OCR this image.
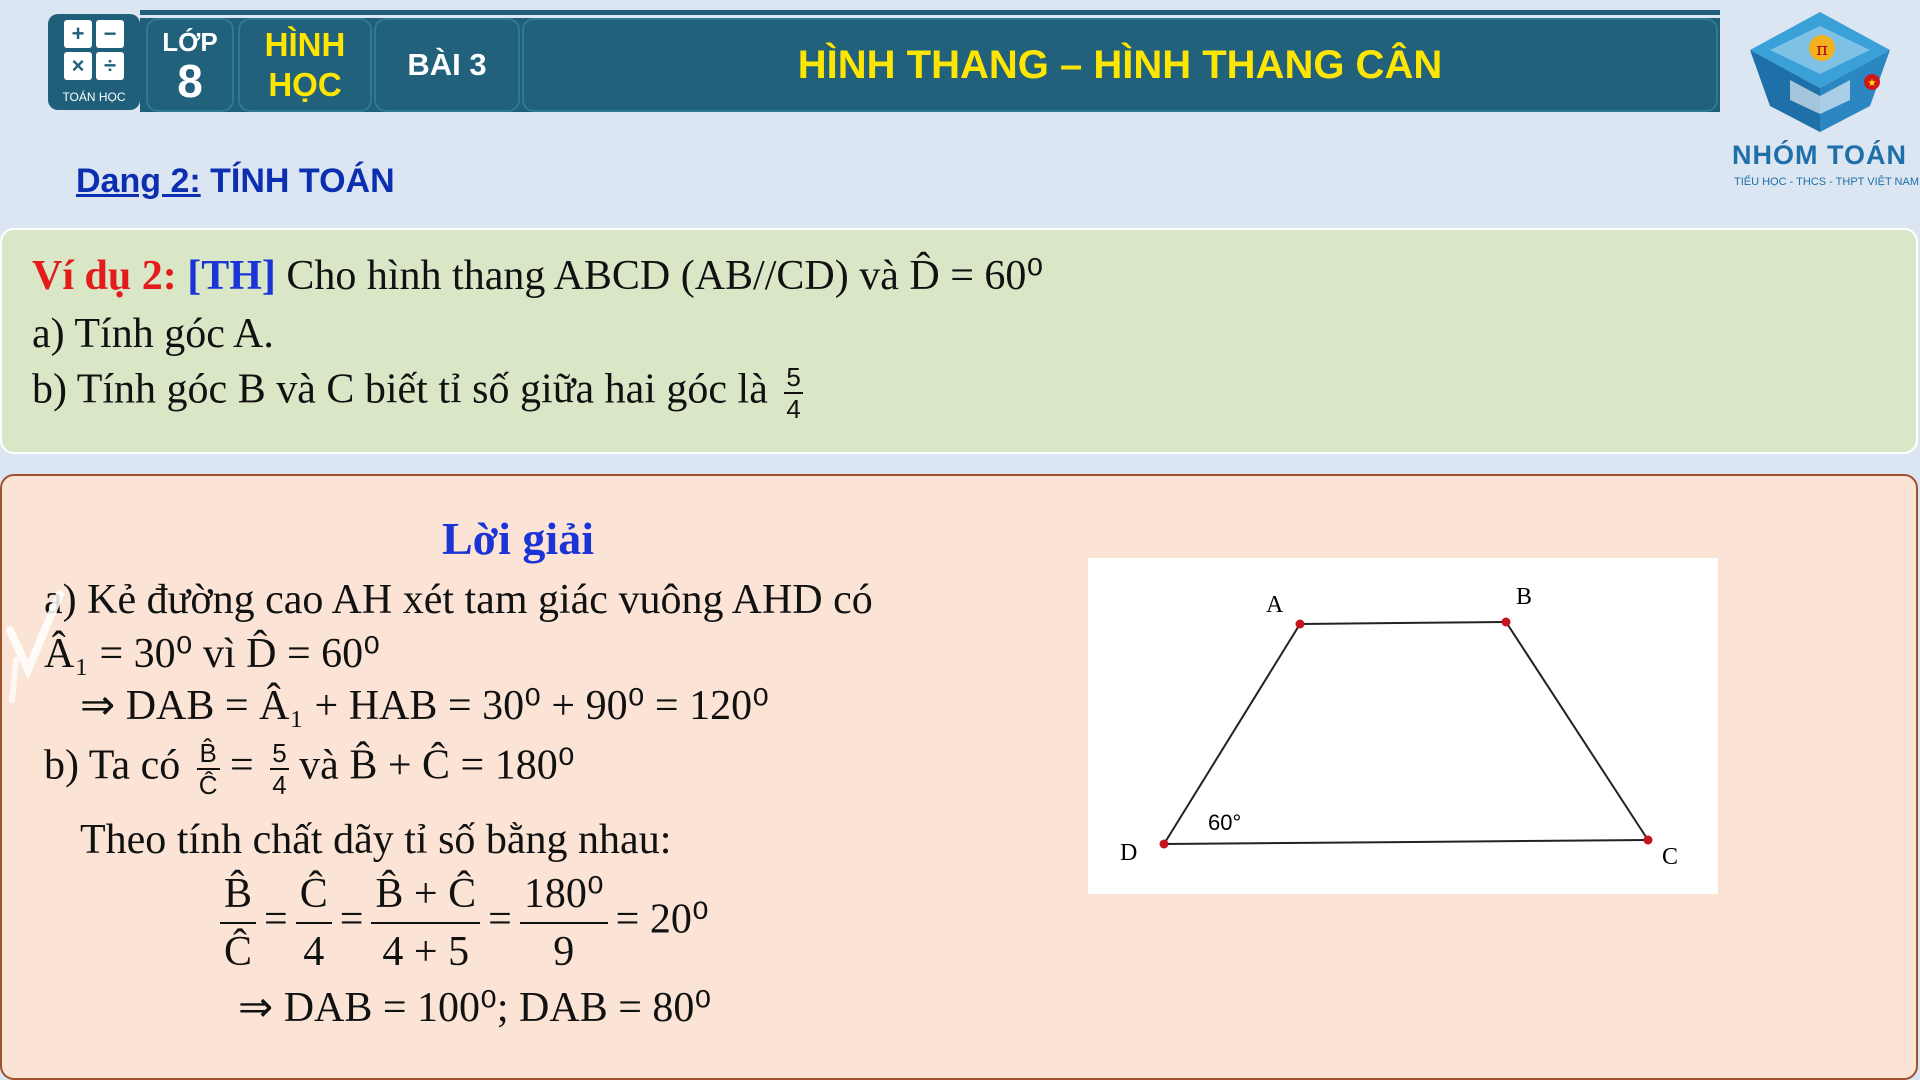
+ −
× ÷
TOÁN HỌC
LỚP
8
HÌNH
HỌC
BÀI 3	HÌNH THANG – HÌNH THANG CÂN	π
★
NHÓM TOÁN
TIỂU HỌC - THCS - THPT VIỆT NAM
Dang 2: TÍNH TOÁN
Ví dụ 2: [TH] Cho hình thang ABCD (AB//CD) và D̂ = 60⁰
a) Tính góc A.
b) Tính góc B và C biết tỉ số giữa hai góc là $\frac{5}{4}$
Lời giải
a) Kẻ đường cao AH xét tam giác vuông AHD có
Â₁ = 30⁰ vì D̂ = 60⁰
⇒ DAB = Â₁ + HAB = 30⁰ + 90⁰ = 120⁰
b) Ta có $\frac{B̂}{Ĉ} = \frac{5}{4}$ và B̂ + Ĉ = 180⁰
Theo tính chất dãy tỉ số bằng nhau:
$\frac{B̂}{Ĉ} = \frac{Ĉ}{4} = \frac{B̂ + Ĉ}{4 + 5} = \frac{\text{180⁰}}{9} = 20^0$
⇒ DAB = 100⁰; DAB = 80⁰
A	B
C
D
60°
